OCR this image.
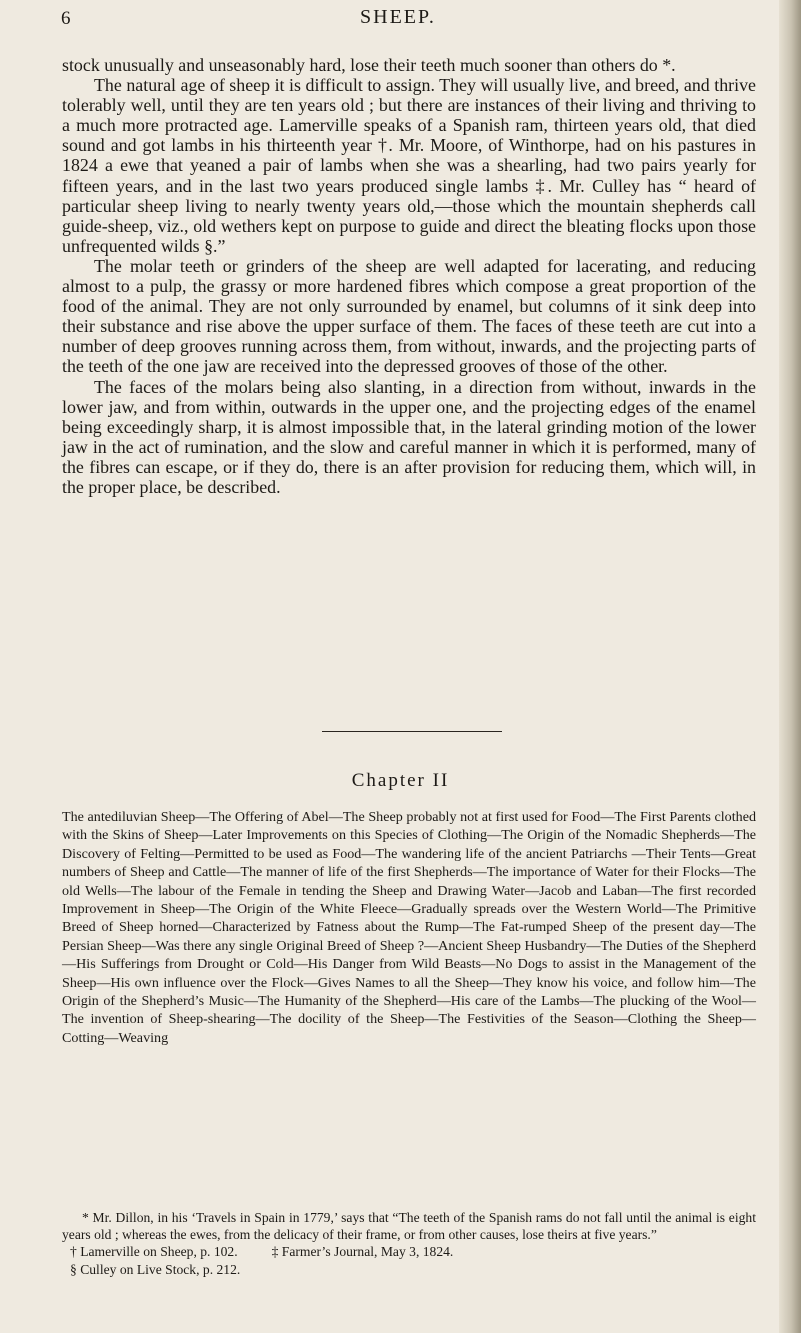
6	SHEEP.

stock unusually and unseasonably hard, lose their teeth much sooner than others do *.

The natural age of sheep it is difficult to assign. They will usually live, and breed, and thrive tolerably well, until they are ten years old ; but there are instances of their living and thriving to a much more protracted age. Lamerville speaks of a Spanish ram, thirteen years old, that died sound and got lambs in his thirteenth year †. Mr. Moore, of Winthorpe, had on his pastures in 1824 a ewe that yeaned a pair of lambs when she was a shearling, had two pairs yearly for fifteen years, and in the last two years produced single lambs ‡. Mr. Culley has “ heard of particular sheep living to nearly twenty years old,—those which the mountain shepherds call guide-sheep, viz., old wethers kept on purpose to guide and direct the bleating flocks upon those unfrequented wilds §.”

The molar teeth or grinders of the sheep are well adapted for lacerating, and reducing almost to a pulp, the grassy or more hardened fibres which compose a great proportion of the food of the animal. They are not only surrounded by enamel, but columns of it sink deep into their substance and rise above the upper surface of them. The faces of these teeth are cut into a number of deep grooves running across them, from without, inwards, and the projecting parts of the teeth of the one jaw are received into the depressed grooves of those of the other.

The faces of the molars being also slanting, in a direction from without, inwards in the lower jaw, and from within, outwards in the upper one, and the projecting edges of the enamel being exceedingly sharp, it is almost impossible that, in the lateral grinding motion of the lower jaw in the act of rumination, and the slow and careful manner in which it is performed, many of the fibres can escape, or if they do, there is an after provision for reducing them, which will, in the proper place, be described.

Chapter II

The antediluvian Sheep—The Offering of Abel—The Sheep probably not at first used for Food—The First Parents clothed with the Skins of Sheep—Later Improvements on this Species of Clothing—The Origin of the Nomadic Shepherds—The Discovery of Felting—Permitted to be used as Food—The wandering life of the ancient Patriarchs —Their Tents—Great numbers of Sheep and Cattle—The manner of life of the first Shepherds—The importance of Water for their Flocks—The old Wells—The labour of the Female in tending the Sheep and Drawing Water—Jacob and Laban—The first recorded Improvement in Sheep—The Origin of the White Fleece—Gradually spreads over the Western World—The Primitive Breed of Sheep horned—Characterized by Fatness about the Rump—The Fat-rumped Sheep of the present day—The Persian Sheep—Was there any single Original Breed of Sheep ?—Ancient Sheep Husbandry—The Duties of the Shepherd—His Sufferings from Drought or Cold—His Danger from Wild Beasts—No Dogs to assist in the Management of the Sheep—His own influence over the Flock—Gives Names to all the Sheep—They know his voice, and follow him—The Origin of the Shepherd’s Music—The Humanity of the Shepherd—His care of the Lambs—The plucking of the Wool—The invention of Sheep-shearing—The docility of the Sheep—The Festivities of the Season—Clothing the Sheep—Cotting—Weaving

* Mr. Dillon, in his ‘Travels in Spain in 1779,’ says that “The teeth of the Spanish rams do not fall until the animal is eight years old ; whereas the ewes, from the delicacy of their frame, or from other causes, lose theirs at five years.”

† Lamerville on Sheep, p. 102.          ‡ Farmer’s Journal, May 3, 1824.

§ Culley on Live Stock, p. 212.
